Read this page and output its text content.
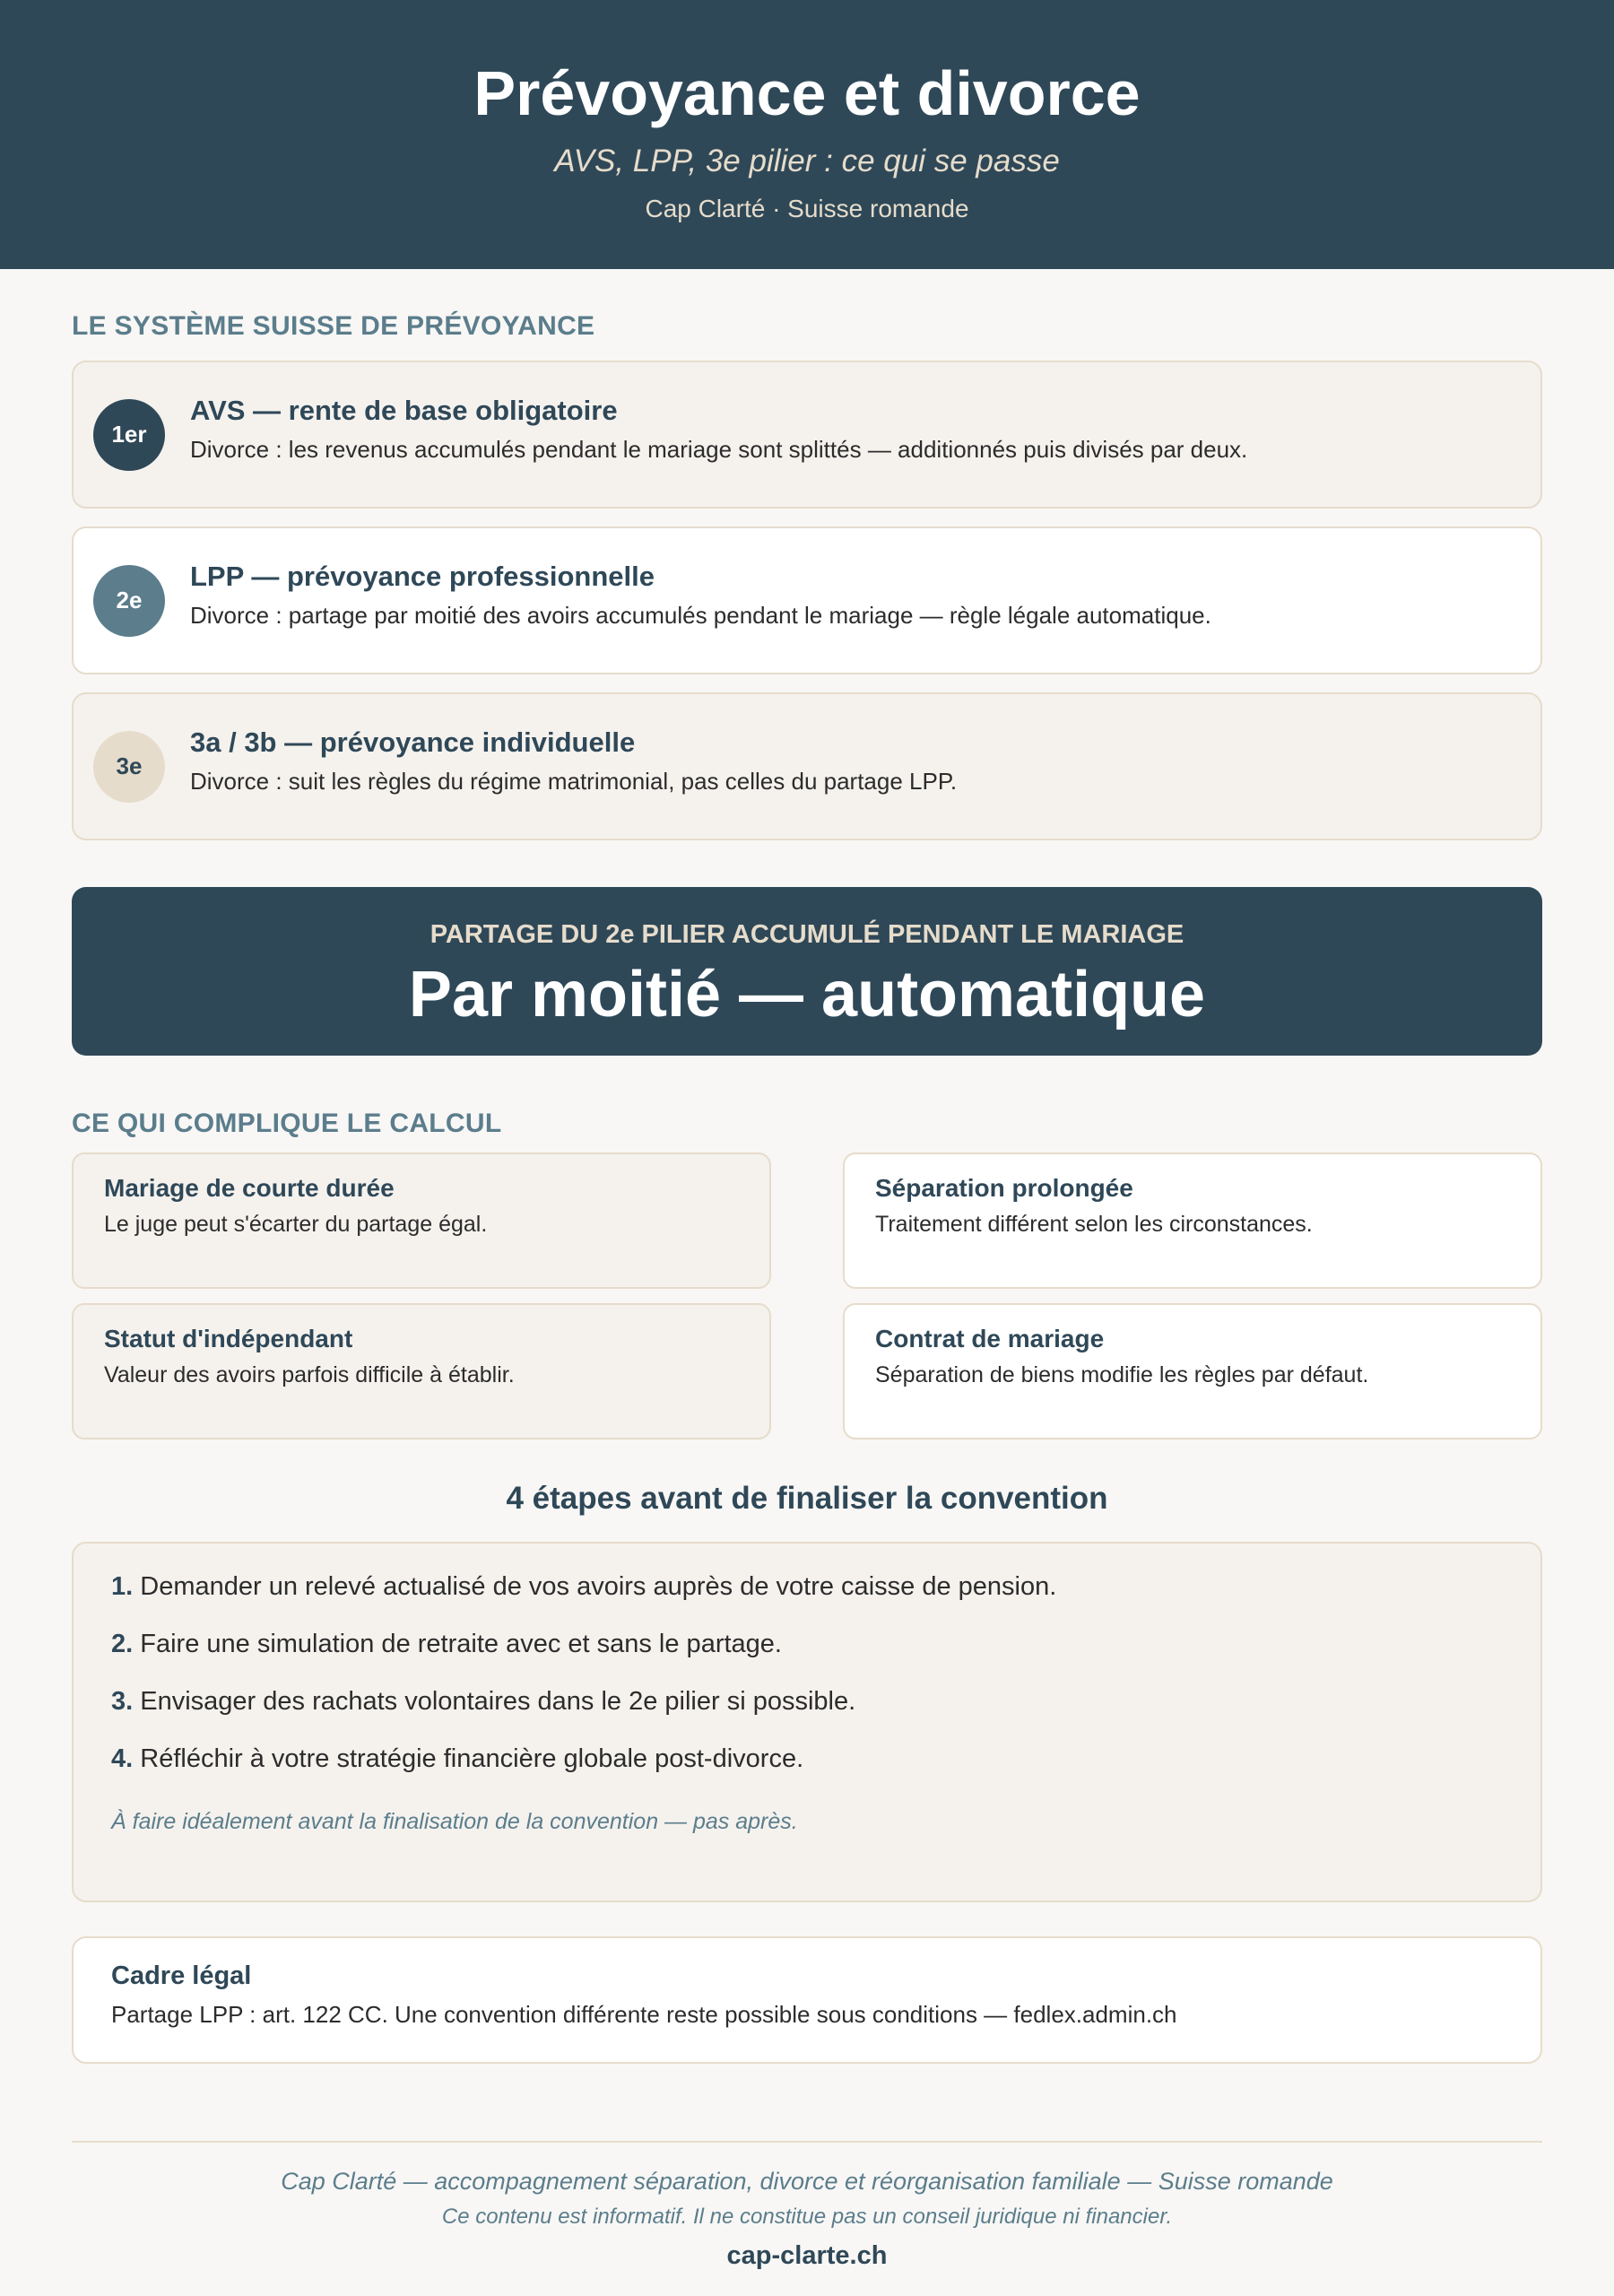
Prévoyance et divorce
AVS, LPP, 3e pilier : ce qui se passe
Cap Clarté · Suisse romande
LE SYSTÈME SUISSE DE PRÉVOYANCE
1er
AVS — rente de base obligatoire
Divorce : les revenus accumulés pendant le mariage sont splittés — additionnés puis divisés par deux.
2e
LPP — prévoyance professionnelle
Divorce : partage par moitié des avoirs accumulés pendant le mariage — règle légale automatique.
3e
3a / 3b — prévoyance individuelle
Divorce : suit les règles du régime matrimonial, pas celles du partage LPP.
PARTAGE DU 2e PILIER ACCUMULÉ PENDANT LE MARIAGE
Par moitié — automatique
CE QUI COMPLIQUE LE CALCUL
Mariage de courte durée
Le juge peut s'écarter du partage égal.
Séparation prolongée
Traitement différent selon les circonstances.
Statut d'indépendant
Valeur des avoirs parfois difficile à établir.
Contrat de mariage
Séparation de biens modifie les règles par défaut.
4 étapes avant de finaliser la convention
1. Demander un relevé actualisé de vos avoirs auprès de votre caisse de pension.
2. Faire une simulation de retraite avec et sans le partage.
3. Envisager des rachats volontaires dans le 2e pilier si possible.
4. Réfléchir à votre stratégie financière globale post-divorce.
À faire idéalement avant la finalisation de la convention — pas après.
Cadre légal
Partage LPP : art. 122 CC. Une convention différente reste possible sous conditions — fedlex.admin.ch
Cap Clarté — accompagnement séparation, divorce et réorganisation familiale — Suisse romande
Ce contenu est informatif. Il ne constitue pas un conseil juridique ni financier.
cap-clarte.ch
